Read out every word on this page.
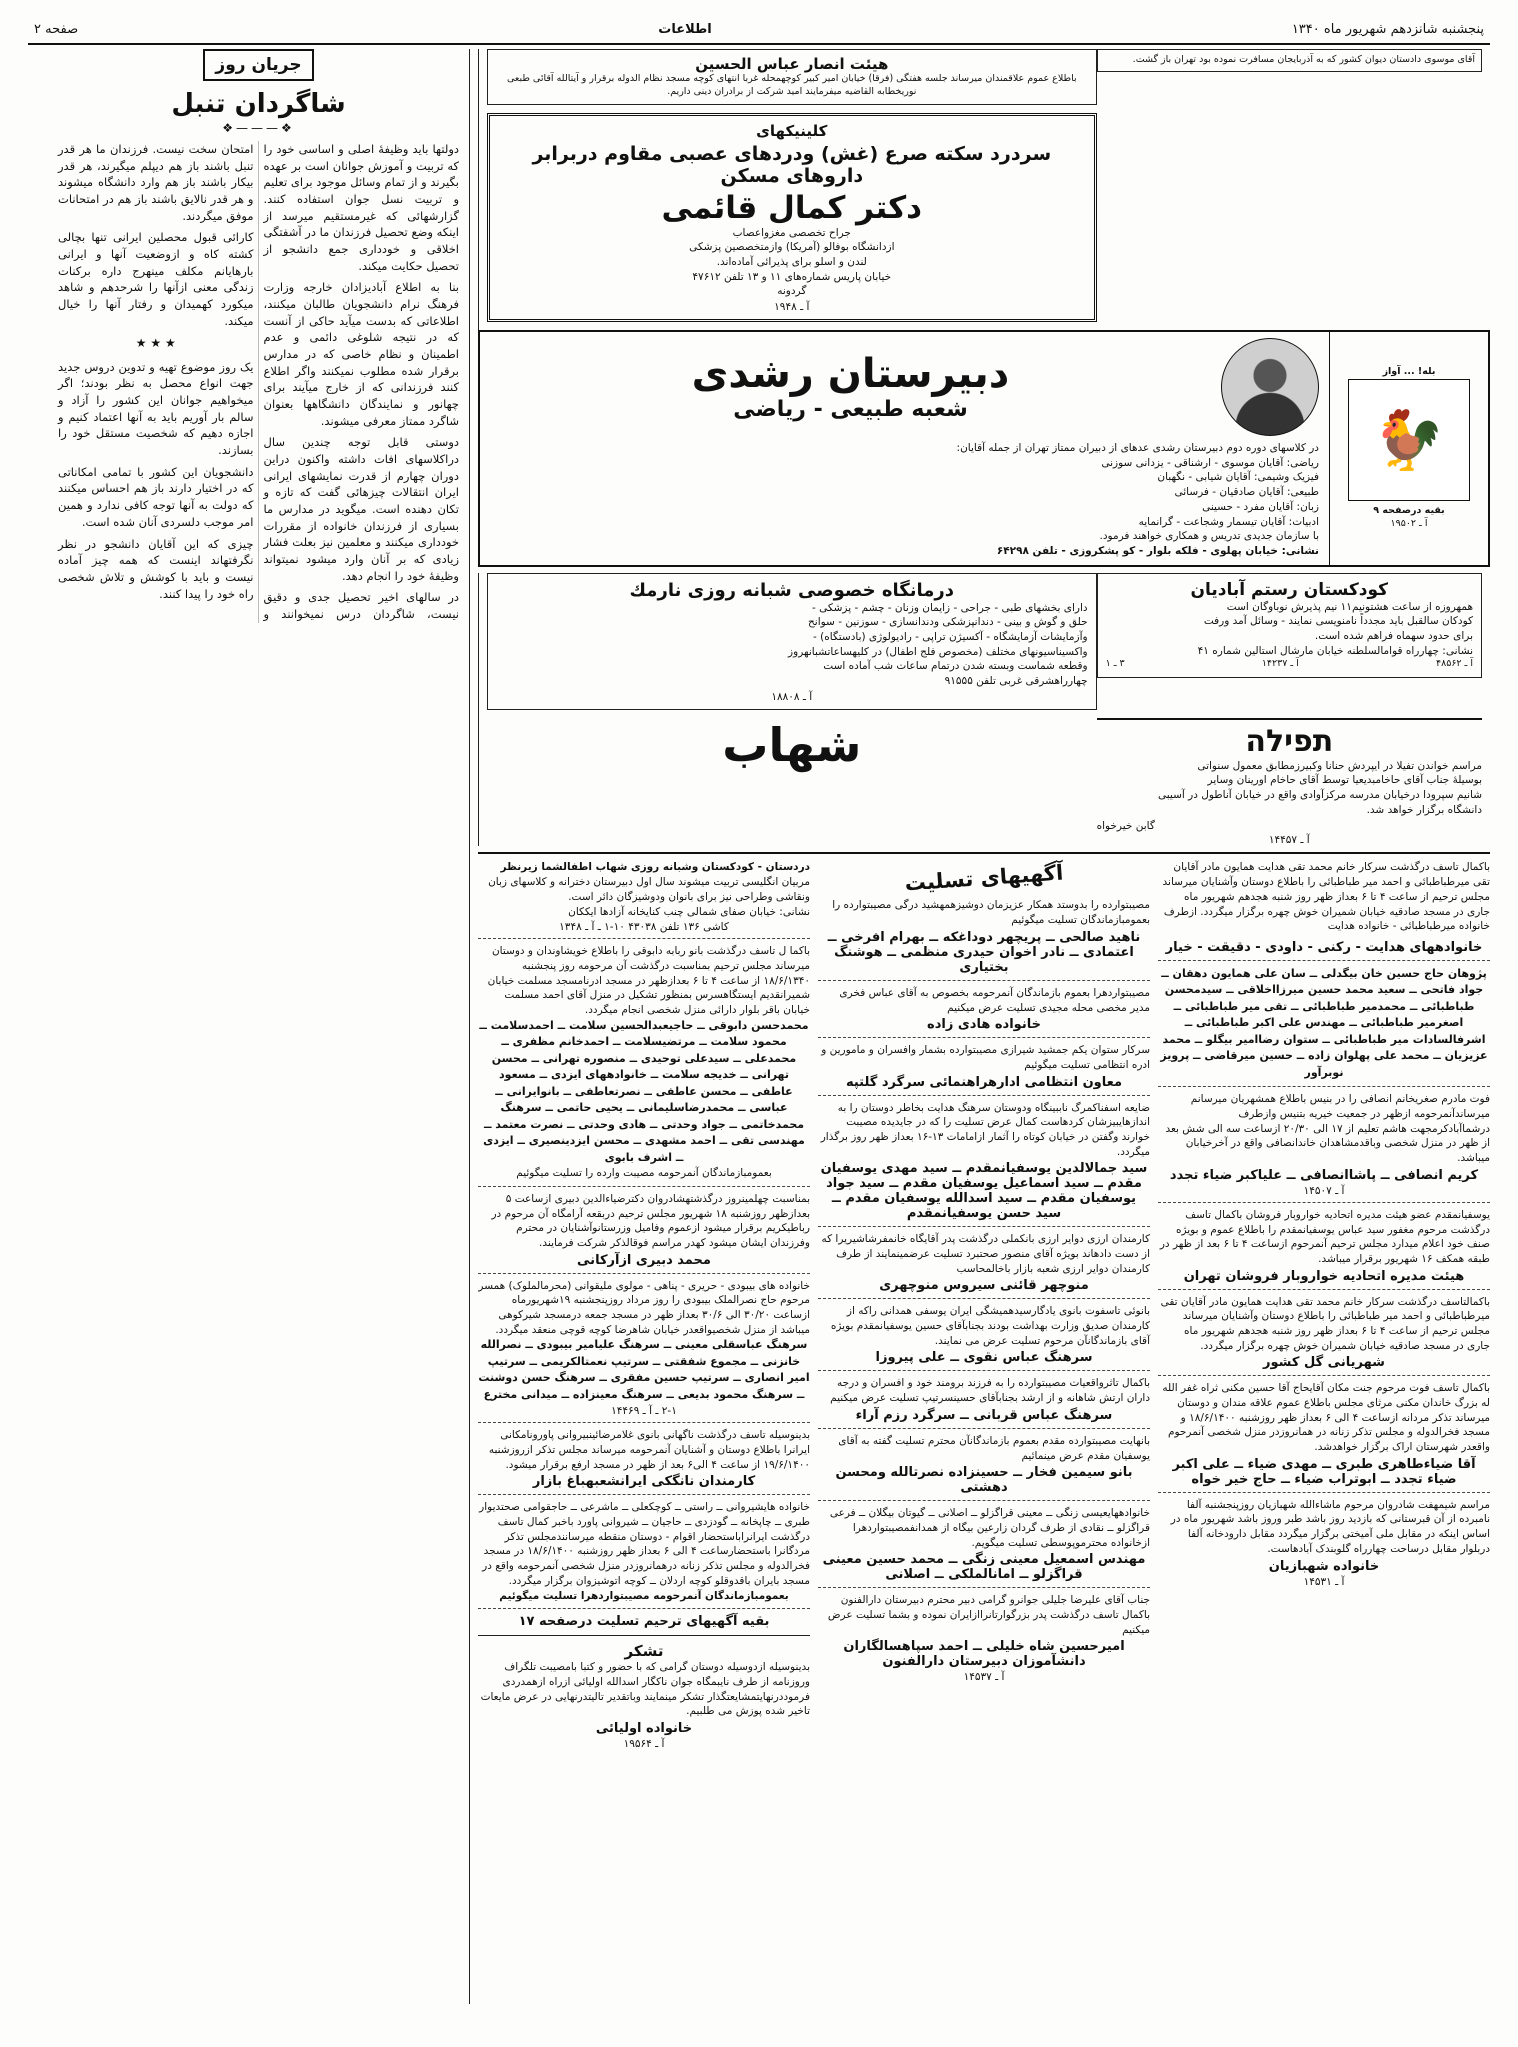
پنجشنبه شانزدهم شهریور ماه ۱۳۴۰
اطلاعات
صفحه ۲
آقای موسوی دادستان دیوان کشور که به آذربایجان مسافرت نموده بود تهران باز گشت.
هیئت انصار عباس الحسین
باطلاع عموم علاقمندان میرساند جلسه هفتگی (فرقا) خیابان امیر کبیر کوچهمحله غربا انتهای کوچه مسجد نظام الدوله برقرار و آیتالله آقائی طبعی نوریخطابه القاضیه میفرمایند امید شرکت از برادران دینی داریم.
کلینیکهای
سردرد سکته صرع (غش) ودردهای عصبی مقاوم دربرابر داروهای مسکن
دکتر کمال قائمی
جراح تخصصی مغزواعصاب
ازدانشگاه بوفالو (آمریکا) وازمتخصصین پزشکی
لندن و اسلو برای پذیرائی آماده‌اند.
خیابان پاریس شماره‌های ۱۱ و ۱۳ تلفن ۴۷۶۱۲
گردونه
آ ـ ۱۹۴۸
بله! ... آواز
🐓
بقیه درصفحه ۹
آ ـ ۱۹۵۰۲
دبیرستان رشدی
شعبه طبیعی - ریاضی
در کلاسهای دوره دوم دبیرستان رشدی عدهای از دبیران ممتاز تهران از جمله آقایان:
ریاضی: آقایان موسوی - ارشناقی - یزدانی سوزنی
فیزیک وشیمی: آقایان شیابی - نگهبان
طبیعی: آقایان صادقیان - فرسائی
زبان: آقایان مفرد - حسینی
ادبیات: آقایان تیسمار وشجاعت - گرانمایه
با سازمان جدیدی تدریس و همکاری خواهند فرمود.
نشانی: خیابان پهلوی - فلکه بلوار - کو پشکروزی - تلفن ۶۴۲۹۸
کودکستان رستم آبادیان
همهروزه از ساعت هشتونیم۱۱ نیم پذیرش نوباوگان است
کودکان سالقبل باید مجدداً نامنویسی نمایند - وسائل آمد ورفت
برای حدود سهماه فراهم شده است.
نشانی: چهارراه قوامالسلطنه خیابان مارشال استالین شماره ۴۱
آ ـ ۴۸۵۶۲
آ ـ ۱۴۲۳۷
۳ ـ ۱
درمانگاه خصوصی شبانه روزی نارمك
دارای بخشهای طبی - جراحی - زایمان وزنان - چشم - پزشکی -
حلق و گوش و بینی - دندانپزشکی ودندانسازی - سوزنین - سوانح
وآزمایشات آزمایشگاه - آکسیژن تراپی - رادیولوژی (بادستگاه) -
واکسیناسیونهای مختلف (مخصوص فلج اطفال) در کلیهساعاتشبانهروز
وقطعه شماست وبسته شدن درتمام ساعات شب آماده است
چهارراهشرقی غربی تلفن ۹۱۵۵۵
آ ـ ۱۸۸۰۸
תפילה
مراسم خواندن تفیلا در ایپردش حنانا وکبیرزمطابق معمول سنواتی
بوسیلهٔ جناب آقای حاخامبدیعیا توسط آقای حاخام اورینان وسایر
شانیم سپرودا درخیابان مدرسه مرکزآوادی واقع در خیابان آناطول در آسیبی
دانشگاه برگزار خواهد شد.
گابن خیرخواه
آ ـ ۱۴۴۵۷
شهاب
باکمال تاسف درگذشت سرکار خانم محمد تقی هدایت همایون مادر آقایان تقی میرطباطبائی و احمد میر طباطبائی را باطلاع دوستان وآشنایان میرساند مجلس ترحیم از ساعت ۴ تا ۶ بعداز ظهر روز شنبه هجدهم شهریور ماه جاری در مسجد صادقیه خیابان شمیران خوش چهره برگزار میگردد. ازطرف خانواده میرطباطبائی - خانواده هدایت
خانوادههای هدایت - رکنی - داودی - دقیقت - خیار
پژوهان حاج حسین خان بیگدلی ــ سان علی همایون دهقان ــ جواد فاتحی ــ سعید محمد حسین میرزااخلاقی ــ سیدمحسن طباطبائی ــ محمدمیر طباطبائی ــ تقی میر طباطبائی ــ اصغرمیر طباطبائی ــ مهندس علی اکبر طباطبائی ــ اشرفالسادات میر طباطبائی ــ ستوان رضاامیر بیگلو ــ محمد عزیزیان ــ محمد علی پهلوان زاده ــ حسین میرقاضی ــ پرویز نوبرآور
فوت مادرم صغریخانم انصافی را در بنیس باطلاع همشهریان میرسانم میرساندآنمرحومه ازظهر در جمعیت خیریه بتنیس وازطرف درشماآبادکرمجهت هاشم تعلیم از ۱۷ الی ۲۰/۳۰ ازساعت سه الی شش بعد از ظهر در منزل شخصی وباقدمشاهدان خاندانصافی واقع در آخرخیابان میباشد.
کریم انصافی ــ پاشاانصافی ــ علیاکبر ضیاء تجدد
آ ـ ۱۴۵۰۷
یوسفیانمقدم عضو هیئت مدیره اتحادیه خواروبار فروشان باکمال تاسف درگذشت مرحوم مغفور سید عباس یوسفیانمقدم را باطلاع عموم و بویژه صنف خود اعلام میدارد مجلس ترحیم آنمرحوم ازساعت ۴ تا ۶ بعد از ظهر در طبقه همکف ۱۶ شهریور برقرار میباشد.
هیئت مدیره اتحادیه خواروبار فروشان تهران
باکمالتاسف درگذشت سرکار خانم محمد تقی هدایت همایون مادر آقایان تقی میرطباطبائی و احمد میر طباطبائی را باطلاع دوستان وآشنایان میرساند مجلس ترحیم از ساعت ۴ تا ۶ بعداز ظهر روز شنبه هجدهم شهریور ماه جاری در مسجد صادقیه خیابان شمیران خوش چهره برگزار میگردد.
شهریانی گل کشور
باکمال تاسف فوت مرحوم جنت مکان آقایحاج آقا حسین مکنی ثراه غفر الله له بزرگ خاندان مکنی مرثای مجلس باطلاع عموم علاقه مندان و دوستان میرساند تذکر مردانه ازساعت ۴ الی ۶ بعداز ظهر روزشنبه ۱۸/۶/۱۴۰۰ و مسجد فخرالدوله و مجلس تذکر زنانه در همانروزدر منزل شخصی آنمرحوم واقعدر شهرستان اراک برگزار خواهدشد.
آقا ضیاءطاهری طبری ــ مهدی ضیاء ــ علی اکبر ضیاء تجدد ــ ابوتراب ضیاء ــ حاج خیر خواه
مراسم شیمهفت شادروان مرحوم ماشاءالله شهبازیان روزپنجشنبه آلفا نامبرده از آن قبرستانی که بازدید روز باشد طبر وروز باشد شهریور ماه در اساس اینکه در مقابل ملی آمیختی برگزار میگردد مقابل دارودخانه آلفا دربلوار مقابل درساحت چهارراه گلوبندک آبادهاست.
خانواده شهبازیان
آ ـ ۱۴۵۳۱
آگهیهای تسلیت
مصیبتوارده را بدوستد همکار عزیزمان دوشیزهمهشید درگی مصیبتوارده را بعمومبازماندگان تسلیت میگوئیم
ناهید صالحی ــ پریچهر دوداغکه ــ بهرام افرخی ــ اعتمادی ــ نادر اخوان حیدری منظمی ــ هوشنگ بختیاری
مصیبتواردهرا بعموم بازماندگان آنمرحومه بخصوص به آقای عباس فخری مدیر مخصی محله مجیدی تسلیت عرض میکنیم
خانواده هادی زاده
سرکار ستوان یکم جمشید شیرازی مصیبتوارده بشمار وافسران و مامورین و ادره انتظامی تسلیت میگوئیم
معاون انتظامی ادارهراهنمائی سرگرد گلتپه
ضایعه اسفناکمرگ ناببینگاه ودوستان سرهنگ هدایت بخاطر دوستان را به اندازهایبیزشان کردهاست کمال عرض تسلیت را که در جایدیده مصیبت خوارند وگفتن در خیابان کوتاه را آثمار ازامامات ۱۳-۱۶ بعداز ظهر روز برگذار میگردد.
سید جمالالدین یوسفیانمقدم ــ سید مهدی یوسفیان مقدم ــ سید اسماعیل یوسفیان مقدم ــ سید جواد یوسفیان مقدم ــ سید اسدالله یوسفیان مقدم ــ سید حسن یوسفیانمقدم
کارمندان ارزی دوایر ارزی بانکملی درگذشت پدر آقایگاه خانمفرشاشیریرا که از دست دادهاند بویژه آقای منصور صحتبرد تسلیت عرضمینمایند از طرف کارمندان دوایر ارزی شعبه بازار باخالمحاسب
منوچهر قائنی سیروس منوچهری
بانوئی تاسفوت بانوی یادگارسیدهمیشگی ایران یوسفی همدانی راکه از کارمندان صدیق وزارت بهداشت بودند بجنابآقای حسین یوسفیانمقدم بویژه آقای بازماندگانآن مرحوم تسلیت عرض می نمایند.
سرهنگ عباس نقوی ــ علی پیروزا
باکمال تاثرواقعیات مصیبتوارده را به فرزند برومند خود و افسران و درجه داران ارتش شاهانه و از ارشد بجنابآقای حسینسرتیپ تسلیت عرض میکنیم
سرهنگ عباس قربانی ــ سرگرد رزم آراء
بانهایت مصیبتوارده مقدم بعموم بازماندگانآن محترم تسلیت گفته به آقای یوسفیان مقدم عرض مینمائیم
بانو سیمین فخار ــ حسینزاده نصرتالله ومحسن دهشتی
خانوادههایعیسی زنگی ــ معینی قراگزلو ــ اصلانی ــ گیوتان بیگلان ــ فرعی قراگزلو ــ نقادی از طرف گردان زارعین بیگاه از همدانفمصیبتواردهرا ازخانواده محترموپوسطی تسلیت میگویم.
مهندس اسمعیل معینی زنگی ــ محمد حسین معینی قراگزلو ــ امانالملکی ــ اصلانی
جناب آقای علیرضا جلیلی جوانرو گرامی دبیر محترم دبیرستان دارالفنون باکمال تاسف درگذشت پدر بزرگوارتانراازایران نموده و بشما تسلیت عرض میکنیم
امیرحسین شاه خلیلی ــ احمد سپاهسالگاران دانشآموزان دبیرستان دارالفنون
آ ـ ۱۴۵۳۷
دردستان - کودکستان وشبانه روزی شهاب اطفالشما زیرنظر
مربیان انگلیسی تربیت میشوند سال اول دبیرستان دخترانه و کلاسهای زبان ونقاشی وطراحی نیز برای بانوان ودوشیزگان دائر است.
نشانی: خیابان صفای شمالی چنب کنایخانه آزادها ایککان
کاشی ۱۳۶ تلفن ۴۳۰۳۸ ۱۰-۱ ـ آ ـ ۱۳۴۸
باکما ل تاسف درگذشت بانو ربابه دابوقی را باطلاع خویشاوندان و دوستان میرساند مجلس ترحیم بمناسبت درگذشت آن مرحومه روز پنجشنبه ۱۸/۶/۱۳۴۰ از ساعت ۴ تا ۶ بعدازظهر در مسجد ادرنامسجد مسلمت خیابان شمیرانقدیم ایستگاهسرس بمنظور تشکیل در منزل آقای احمد مسلمت خیابان باقر بلوار دارائی منزل شخصی انجام میگردد.
محمدحسن دابوقی ــ حاجیعبدالحسین سلامت ــ احمدسلامت ــ محمود سلامت ــ مرتضیسلامت ــ احمدخانم مظفری ــ محمدعلی ــ سیدعلی توحیدی ــ منصوره تهرانی ــ محسن تهرانی ــ خدیجه سلامت ــ خانوادههای ایزدی ــ مسعود عاطفی ــ محسن عاطفی ــ نصرتعاطفی ــ بانوایرانی ــ عباسی ــ محمدرضاسلیمانی ــ یحیی حاتمی ــ سرهنگ محمدخاتمی ــ جواد وحدتی ــ هادی وحدتی ــ نصرت معتمد ــ مهندسی تقی ــ احمد مشهدی ــ محسن ایزدینصیری ــ ایزدی ــ اشرف بابوی
بعمومبازماندگان آنمرحومه مصیبت وارده را تسلیت میگوئیم
بمناسبت چهلمینروز درگذشتهشادروان دکترضیاءالدین دبیری ازساعت ۵ بعدازظهر روزشنبه ۱۸ شهریور مجلس ترحیم دربقعه آرامگاه آن مرحوم در رباطیکریم برقرار میشود ازعموم وفامیل وزرستانوآشنایان در محترم وفرزندان ایشان میشود کهدر مراسم فوقالذکر شرکت فرمایند.
محمد دبیری ازآرکانی
خانواده های بیبودی - حریری - پناهی - مولوی ملیقوانی (محرمالملوک) همسر مرحوم حاج نصرالملک بیبودی را روز مرداد روزپنجشنبه ۱۹شهریورماه ازساعت ۳۰/۲۰ الی ۳۰/۶ بعداز ظهر در مسجد جمعه درمسجد شیرکوهی میباشد از منزل شخصیواقعدر خیابان شاهرضا کوچه قوچی منعقد میگردد.
سرهنگ عباسقلی معینی ــ سرهنگ علیامیر بیبودی ــ نصرالله خانزنی ــ مجموع شفقتی ــ سرتیپ نعمتالکریمی ــ سرتیپ امیر انصاری ــ سرتیپ حسین مفقری ــ سرهنگ حسن دوشنت ــ سرهنگ محمود بدیعی ــ سرهنگ معینزاده ــ میدانی مخترع
۲-۱ ـ آ ـ ۱۴۴۶۹
بدینوسیله تاسف درگذشت ناگهانی بانوی غلامرضائینبیروانی پاورونامکانی ایرانرا باطلاع دوستان و آشنایان آنمرحومه میرساند مجلس تذکر ازروزشنبه ۱۹/۶/۱۴۰۰ از ساعت ۴ الی۶ بعد از ظهر در مسجد ارفع برقرار میشود.
کارمندان نانگکی ایرانشعبهباغ بازار
خانواده هایشیروانی ــ راستی ــ کوچکعلی ــ ماشرعی ــ حاجقوامی صحتدیوار طبری ــ چاپخانه ــ گودزدی ــ حاجیان ــ شیروانی پاورد باخبر کمال تاسف درگذشت ایرانراباستحضار اقوام - دوستان منقطه میرسانندمجلس تذکر مردگانرا باستحضارساعت ۴ الی ۶ بعداز ظهر روزشنبه ۱۸/۶/۱۴۰۰ در مسجد فخرالدوله و مجلس تذکر زنانه درهمانروزدر منزل شخصی آنمرحومه واقع در مسجد بایران باقدوقلو کوچه اردلان ــ کوچه اتوشیزوان برگزار میگردد.
بعمومبازماندگان آنمرحومه مصیبتواردهرا تسلیت میگوئیم
بقیه آگهیهای ترحیم تسلیت درصفحه ۱۷
تشکر
بدینوسیله ازدوسیله دوستان گرامی که با حضور و کتبا بامصیبت تلگراف وروزنامه از طرف نایبمگاه جوان ناکگار اسدالله اولیائی ازراه ازهمدردی فرموددرنهایتمشایعتگذار تشکر مینمایند وباتقدیر تالیتدرنهایی در عرض مایعات تاخیر شده پوزش می طلبیم.
خانواده اولیائی
آ ـ ۱۹۵۶۴
جریان روز
شاگردان تنبل
❖———❖

دولتها باید وظیفهٔ اصلی و اساسی خود را که تربیت و آموزش جوانان است بر عهده بگیرند و از تمام وسائل موجود برای تعلیم و تربیت نسل جوان استفاده کنند. گزارشهائی که غیرمستقیم میرسد از اینکه وضع تحصیل فرزندان ما در آشفتگی اخلاقی و خودداری جمع دانشجو از تحصیل حکایت میکند.

بنا به اطلاع آبادیزادان خارجه وزارت فرهنگ نرام دانشجویان طالبان میکنند، اطلاعاتی که بدست میآید حاکی از آنست که در نتیجه شلوغی دائمی و عدم اطمینان و نظام خاصی که در مدارس برقرار شده مطلوب نمیکنند واگر اطلاع کنند فرزندانی که از خارج میآیند برای چهانور و نمایندگان دانشگاهها بعنوان شاگرد ممتاز معرفی میشوند.

دوستی قابل توجه چندین سال دراکلاسهای افات داشته واکنون دراین دوران چهارم از قدرت نمایشهای ایرانی ایران انتقالات چیزهائی گفت که تازه و تکان دهنده است. میگوید در مدارس ما بسیاری از فرزندان خانواده از مقررات خودداری میکنند و معلمین نیز بعلت فشار زیادی که بر آنان وارد میشود نمیتواند وظیفهٔ خود را انجام دهد.

در سالهای اخیر تحصیل جدی و دقیق نیست، شاگردان درس نمیخوانند و امتحان سخت نیست. فرزندان ما هر قدر تنبل باشند باز هم دیپلم میگیرند، هر قدر بیکار باشند باز هم وارد دانشگاه میشوند و هر قدر نالایق باشند باز هم در امتحانات موفق میگردند.

کارائی قبول محصلین ایرانی تنها بچالی کشته کاه و ازوضعیت آنها و ایرانی بارهایانم مکلف مینهرج داره برکنات زندگی معنی ازآنها را شرحدهم و شاهد میکورد کهمیدان و رفتار آنها را خیال میکند.

★ ★ ★

یک روز موضوع تهیه و تدوین دروس جدید جهت انواع محصل به نظر بودند؛ اگر میخواهیم جوانان این کشور را آزاد و سالم بار آوریم باید به آنها اعتماد کنیم و اجازه دهیم که شخصیت مستقل خود را بسازند.

دانشجویان این کشور با تمامی امکاناتی که در اختیار دارند باز هم احساس میکنند که دولت به آنها توجه کافی ندارد و همین امر موجب دلسردی آنان شده است.

چیزی که این آقایان دانشجو در نظر نگرفتهاند اینست که همه چیز آماده نیست و باید با کوشش و تلاش شخصی راه خود را پیدا کنند.
